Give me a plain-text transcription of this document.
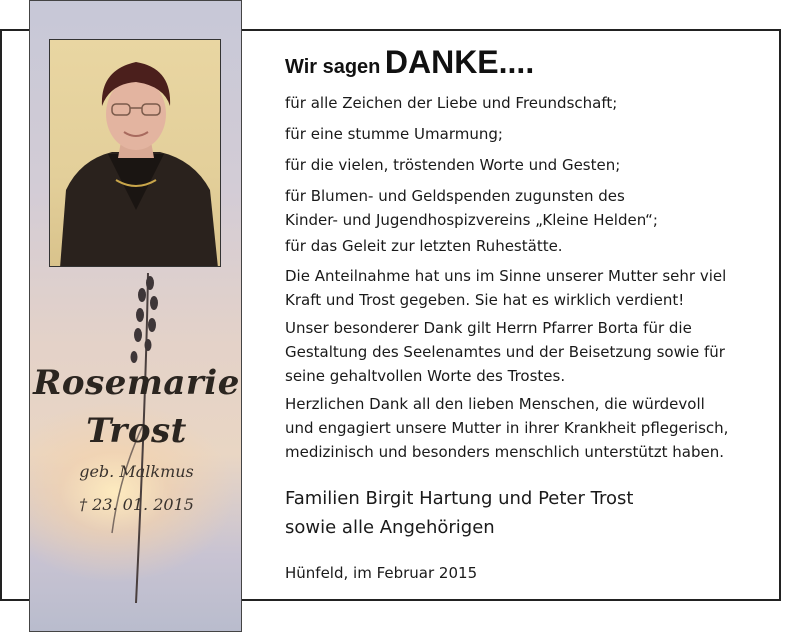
Rosemarie
Trost
geb. Malkmus
† 23. 01. 2015
Wir sagen DANKE....
für alle Zeichen der Liebe und Freundschaft;
für eine stumme Umarmung;
für die vielen, tröstenden Worte und Gesten;
für Blumen- und Geldspenden zugunsten des
Kinder- und Jugendhospizvereins „Kleine Helden“;
für das Geleit zur letzten Ruhestätte.
Die Anteilnahme hat uns im Sinne unserer Mutter sehr viel
Kraft und Trost gegeben. Sie hat es wirklich verdient!
Unser besonderer Dank gilt Herrn Pfarrer Borta für die
Gestaltung des Seelenamtes und der Beisetzung sowie für
seine gehaltvollen Worte des Trostes.
Herzlichen Dank all den lieben Menschen, die würdevoll
und engagiert unsere Mutter in ihrer Krankheit pflegerisch,
medizinisch und besonders menschlich unterstützt haben.
Familien Birgit Hartung und Peter Trost
sowie alle Angehörigen
Hünfeld, im Februar 2015
